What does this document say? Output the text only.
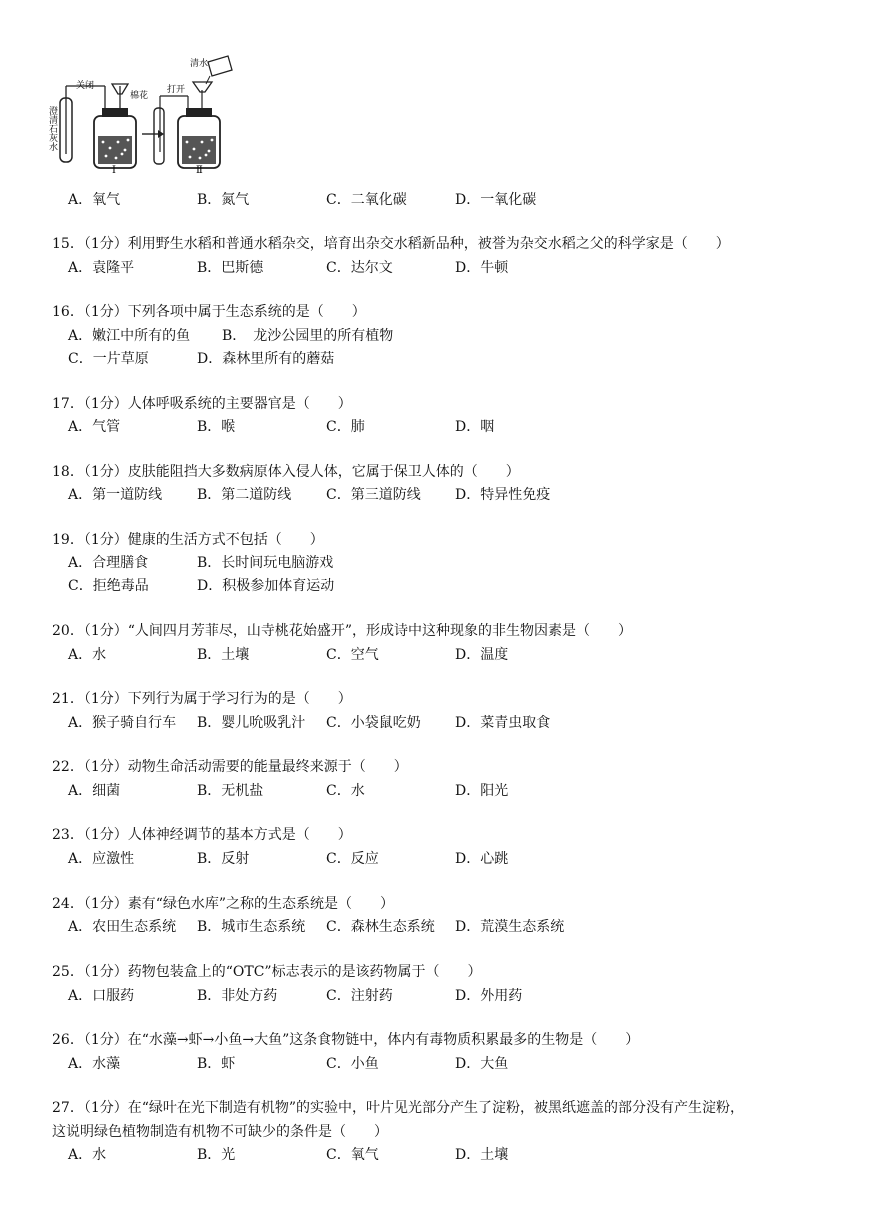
澄清石灰水
关闭
棉花
打开
清水
Ⅰ	Ⅱ
A．氧气	B．氮气	C．二氧化碳	D．一氧化碳
15．（1分）利用野生水稻和普通水稻杂交，培育出杂交水稻新品种，被誉为杂交水稻之父的科学家是（　　）
A．袁隆平	B．巴斯德	C．达尔文	D．牛顿
16．（1分）下列各项中属于生态系统的是（　　）
A．嫩江中所有的鱼 B．　龙沙公园里的所有植物
C．一片草原	D．森林里所有的蘑菇
17．（1分）人体呼吸系统的主要器官是（　　）
A．气管	B．喉	C．肺	D．咽
18．（1分）皮肤能阻挡大多数病原体入侵人体，它属于保卫人体的（　　）
A．第一道防线 B．第二道防线 C．第三道防线 D．特异性免疫
19．（1分）健康的生活方式不包括（　　）
A．合理膳食	B．长时间玩电脑游戏
C．拒绝毒品	D．积极参加体育运动
20．（1分）“人间四月芳菲尽，山寺桃花始盛开”，形成诗中这种现象的非生物因素是（　　）
A．水	B．土壤	C．空气	D．温度
21．（1分）下列行为属于学习行为的是（　　）
A．猴子骑自行车 B．婴儿吮吸乳汁 C．小袋鼠吃奶 D．菜青虫取食
22．（1分）动物生命活动需要的能量最终来源于（　　）
A．细菌	B．无机盐	C．水	D．阳光
23．（1分）人体神经调节的基本方式是（　　）
A．应激性	B．反射	C．反应	D．心跳
24．（1分）素有“绿色水库”之称的生态系统是（　　）
A．农田生态系统 B．城市生态系统 C．森林生态系统 D．荒漠生态系统
25．（1分）药物包装盒上的“OTC”标志表示的是该药物属于（　　）
A．口服药	B．非处方药	C．注射药	D．外用药
26．（1分）在“水藻→虾→小鱼→大鱼”这条食物链中，体内有毒物质积累最多的生物是（　　）
A．水藻	B．虾	C．小鱼	D．大鱼
27．（1分）在“绿叶在光下制造有机物”的实验中，叶片见光部分产生了淀粉，被黑纸遮盖的部分没有产生淀粉，
这说明绿色植物制造有机物不可缺少的条件是（　　）
A．水	B．光	C．氧气	D．土壤
